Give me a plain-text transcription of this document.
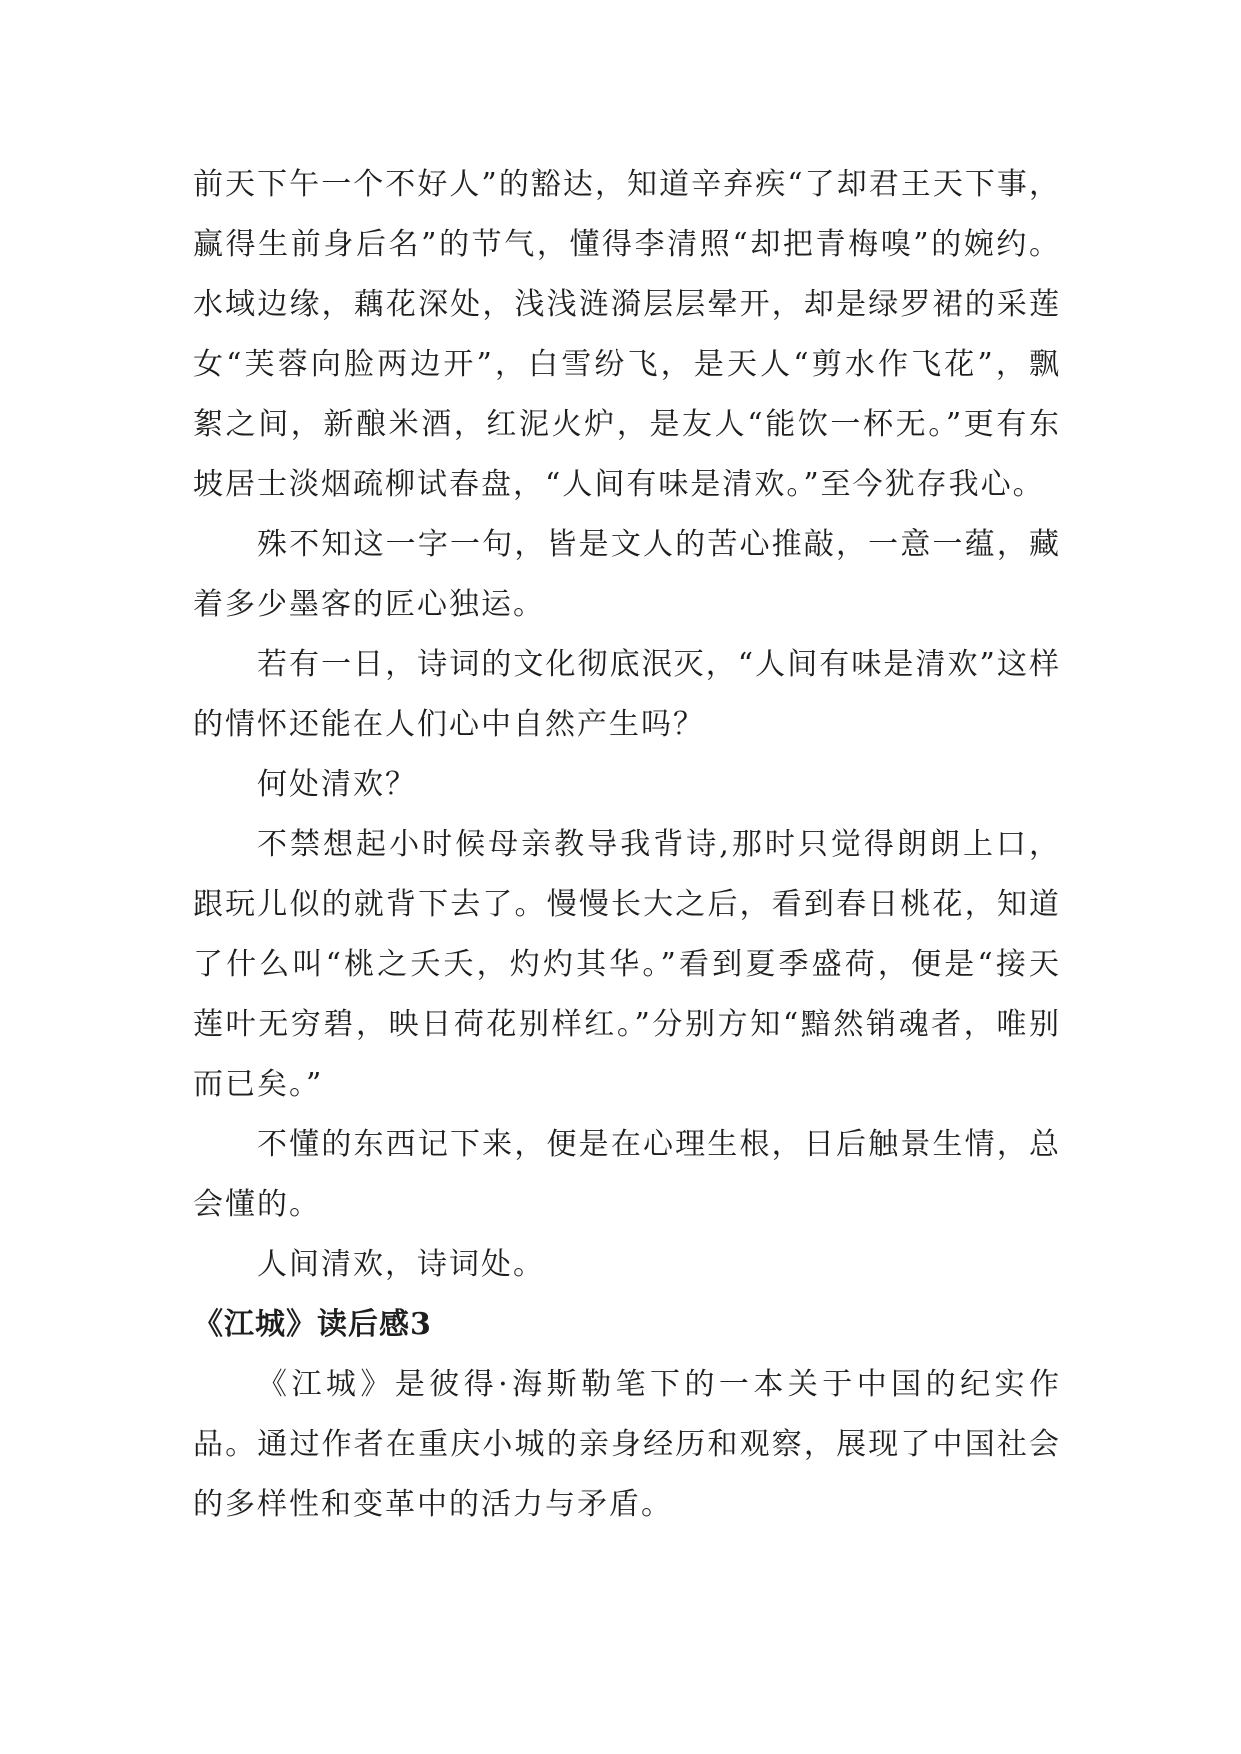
前天下午一个不好人”的豁达，知道辛弃疾“了却君王天下事，赢得生前身后名”的节气，懂得李清照“却把青梅嗅”的婉约。水域边缘，藕花深处，浅浅涟漪层层晕开，却是绿罗裙的采莲女“芙蓉向脸两边开”，白雪纷飞，是天人“剪水作飞花”，飘絮之间，新酿米酒，红泥火炉，是友人“能饮一杯无。”更有东坡居士淡烟疏柳试春盘，“人间有味是清欢。”至今犹存我心。

殊不知这一字一句，皆是文人的苦心推敲，一意一蕴，藏着多少墨客的匠心独运。

若有一日，诗词的文化彻底泯灭，“人间有味是清欢”这样的情怀还能在人们心中自然产生吗？

何处清欢？

不禁想起小时候母亲教导我背诗,那时只觉得朗朗上口，跟玩儿似的就背下去了。慢慢长大之后，看到春日桃花，知道了什么叫“桃之夭夭，灼灼其华。”看到夏季盛荷，便是“接天莲叶无穷碧，映日荷花别样红。”分别方知“黯然销魂者，唯别而已矣。”

不懂的东西记下来，便是在心理生根，日后触景生情，总会懂的。

人间清欢，诗词处。

《江城》读后感3

《江城》是彼得·海斯勒笔下的一本关于中国的纪实作品。通过作者在重庆小城的亲身经历和观察，展现了中国社会的多样性和变革中的活力与矛盾。
